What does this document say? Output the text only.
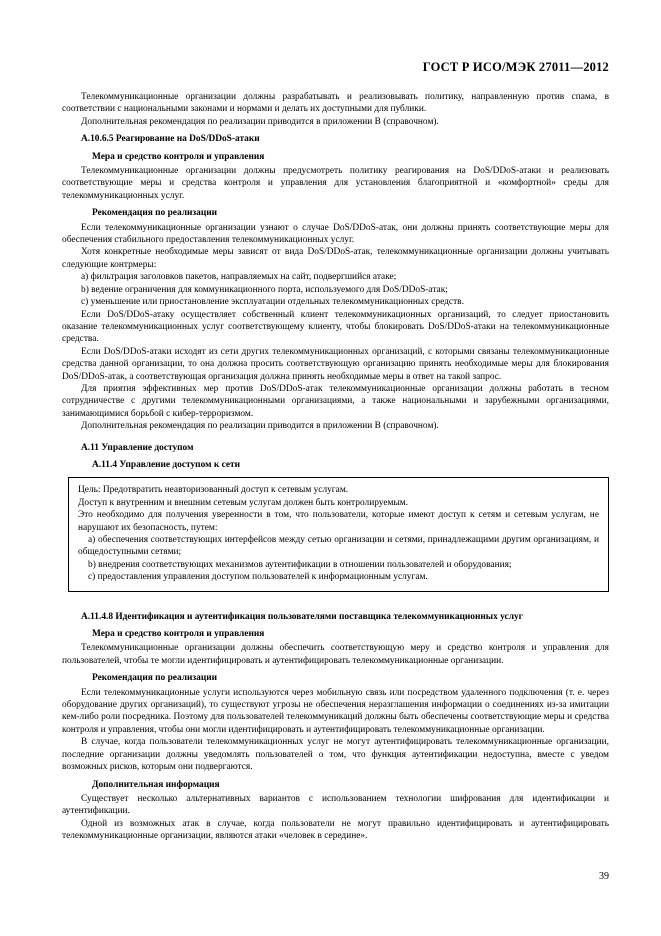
ГОСТ Р ИСО/МЭК 27011—2012

Телекоммуникационные организации должны разрабатывать и реализовывать политику, направленную против спама, в соответствии с национальными законами и нормами и делать их доступными для публики.

Дополнительная рекомендация по реализации приводится в приложении В (справочном).

А.10.6.5 Реагирование на DoS/DDoS-атаки
Мера и средство контроля и управления

Телекоммуникационные организации должны предусмотреть политику реагирования на DoS/DDoS-атаки и реализовать соответствующие меры и средства контроля и управления для установления благоприятной и «комфортной» среды для телекоммуникационных услуг.

Рекомендация по реализации

Если телекоммуникационные организации узнают о случае DoS/DDoS-атак, они должны принять соответствующие меры для обеспечения стабильного предоставления телекоммуникационных услуг.

Хотя конкретные необходимые меры зависят от вида DoS/DDoS-атак, телекоммуникационные организации должны учитывать следующие контрмеры:

a) фильтрация заголовков пакетов, направляемых на сайт, подвергшийся атаке;
b) ведение ограничения для коммуникационного порта, используемого для DoS/DDoS-атак;
c) уменьшение или приостановление эксплуатации отдельных телекоммуникационных средств.

Если DoS/DDoS-атаку осуществляет собственный клиент телекоммуникационных организаций, то следует приостановить оказание телекоммуникационных услуг соответствующему клиенту, чтобы блокировать DoS/DDoS-атаки на телекоммуникационные средства.

Если DoS/DDoS-атаки исходят из сети других телекоммуникационных организаций, с которыми связаны телекоммуникационные средства данной организации, то она должна просить соответствующую организацию принять необходимые меры для блокирования DoS/DDoS-атак, а соответствующая организация должна принять необходимые меры в ответ на такой запрос.

Для приятия эффективных мер против DoS/DDoS-атак телекоммуникационные организации должны работать в тесном сотрудничестве с другими телекоммуникационными организациями, а также национальными и зарубежными организациями, занимающимися борьбой с кибер-терроризмом.

Дополнительная рекомендация по реализации приводится в приложении В (справочном).

А.11 Управление доступом
А.11.4 Управление доступом к сети

Цель: Предотвратить неавторизованный доступ к сетевым услугам.

Доступ к внутренним и внешним сетевым услугам должен быть контролируемым.

Это необходимо для получения уверенности в том, что пользователи, которые имеют доступ к сетям и сетевым услугам, не нарушают их безопасность, путем:

a) обеспечения соответствующих интерфейсов между сетью организации и сетями, принадлежащими другим организациям, и общедоступными сетями;

b) внедрения соответствующих механизмов аутентификации в отношении пользователей и оборудования;

c) предоставления управления доступом пользователей к информационным услугам.

А.11.4.8 Идентификация и аутентификация пользователями поставщика телекоммуникационных услуг
Мера и средство контроля и управления

Телекоммуникационные организации должны обеспечить соответствующую меру и средство контроля и управления для пользователей, чтобы те могли идентифицировать и аутентифицировать телекоммуникационные организации.

Рекомендация по реализации

Если телекоммуникационные услуги используются через мобильную связь или посредством удаленного подключения (т. е. через оборудование других организаций), то существуют угрозы не обеспечения неразглашения информации о соединениях из-за имитации кем-либо роли посредника. Поэтому для пользователей телекоммуникаций должны быть обеспечены соответствующие меры и средства контроля и управления, чтобы они могли идентифицировать и аутентифицировать телекоммуникационные организации.

В случае, когда пользователи телекоммуникационных услуг не могут аутентифицировать телекоммуникационные организации, последние организации должны уведомлять пользователей о том, что функция аутентификации недоступна, вместе с уведом возможных рисков, которым они подвергаются.

Дополнительная информация

Существует несколько альтернативных вариантов с использованием технологии шифрования для идентификации и аутентификации.

Одной из возможных атак в случае, когда пользователи не могут правильно идентифицировать и аутентифицировать телекоммуникационные организации, являются атаки «человек в середине».

39
